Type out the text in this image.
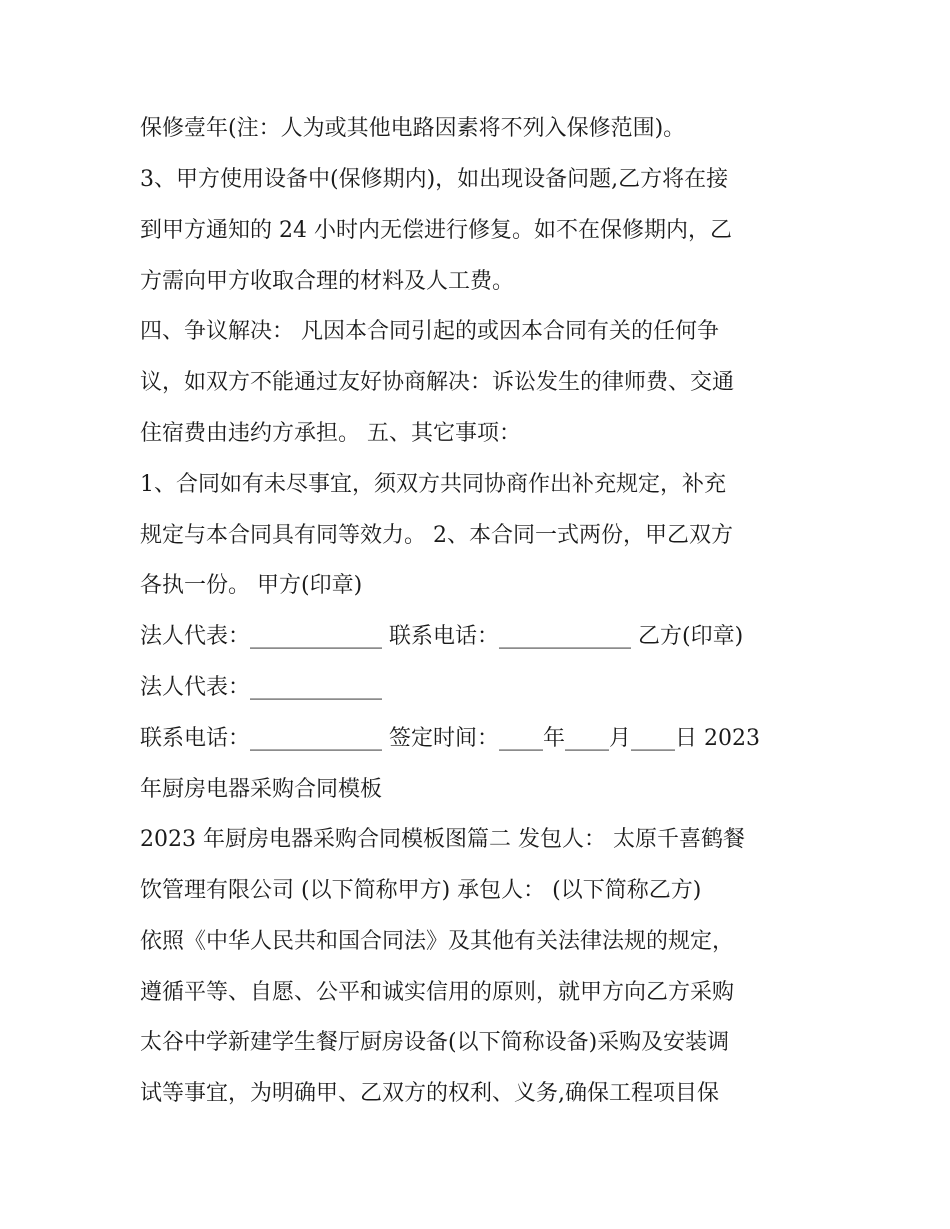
保修壹年(注：人为或其他电路因素将不列入保修范围)。
3、甲方使用设备中(保修期内)，如出现设备问题,乙方将在接
到甲方通知的 24 小时内无偿进行修复。如不在保修期内，乙
方需向甲方收取合理的材料及人工费。
四、争议解决： 凡因本合同引起的或因本合同有关的任何争
议，如双方不能通过友好协商解决：诉讼发生的律师费、交通
住宿费由违约方承担。 五、其它事项：
1、合同如有未尽事宜，须双方共同协商作出补充规定，补充
规定与本合同具有同等效力。 2、本合同一式两份，甲乙双方
各执一份。 甲方(印章)
法人代表：____________ 联系电话：____________ 乙方(印章)
法人代表：____________
联系电话：____________ 签定时间：____年____月____日 2023
年厨房电器采购合同模板
2023 年厨房电器采购合同模板图篇二 发包人： 太原千喜鹤餐
饮管理有限公司 (以下简称甲方) 承包人： (以下简称乙方)
依照《中华人民共和国合同法》及其他有关法律法规的规定，
遵循平等、自愿、公平和诚实信用的原则，就甲方向乙方采购
太谷中学新建学生餐厅厨房设备(以下简称设备)采购及安装调
试等事宜，为明确甲、乙双方的权利、义务,确保工程项目保
